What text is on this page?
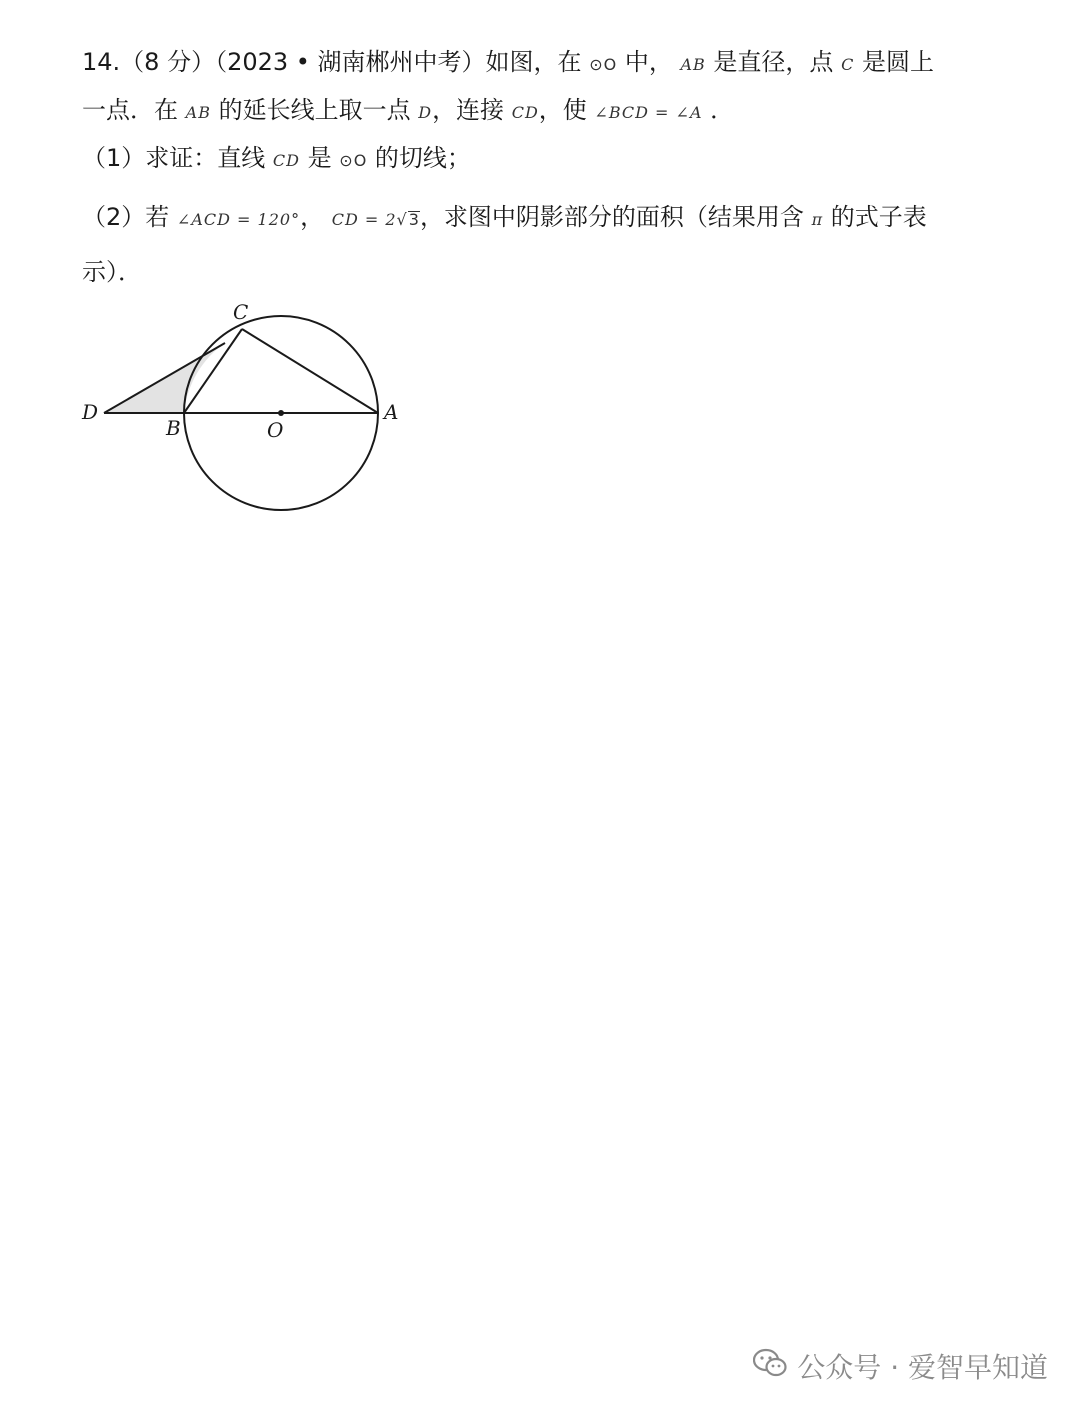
14.（8 分）（2023 • 湖南郴州中考）如图，在 ⊙O 中， AB 是直径，点 C 是圆上
一点．在 AB 的延长线上取一点 D，连接 CD，使 ∠BCD = ∠A ．
（1）求证：直线 CD 是 ⊙O 的切线；
（2）若 ∠ACD = 120°， CD = 2√3，求图中阴影部分的面积（结果用含 π 的式子表
示）．
C
D
B	O
A
公众号 · 爱智早知道
